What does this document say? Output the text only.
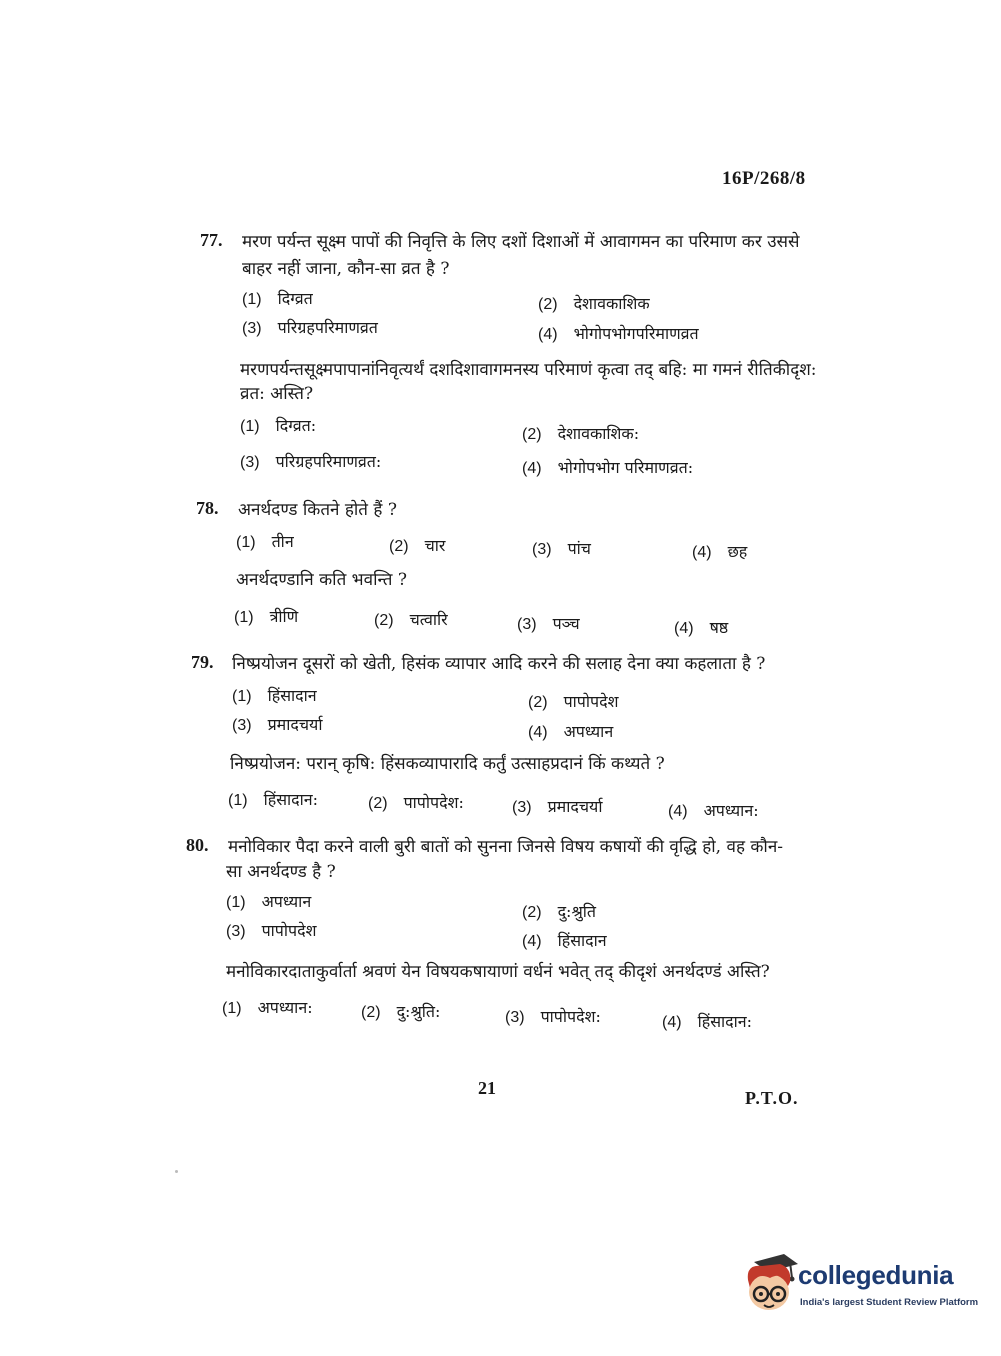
16P/268/8
77. मरण पर्यन्त सूक्ष्म पापों की निवृत्ति के लिए दशों दिशाओं में आवागमन का परिमाण कर उससे
बाहर नहीं जाना, कौन-सा व्रत है ?
(1) दिग्व्रत	(2) देशावकाशिक
(3) परिग्रहपरिमाणव्रत	(4) भोगोपभोगपरिमाणव्रत
मरणपर्यन्तसूक्ष्मपापानांनिवृत्यर्थं दशदिशावागमनस्य परिमाणं कृत्वा तद् बहि: मा गमनं रीतिकीदृश:
व्रत: अस्ति?
(1) दिग्व्रत:	(2) देशावकाशिक:
(3) परिग्रहपरिमाणव्रत:	(4) भोगोपभोग परिमाणव्रत:
78. अनर्थदण्ड कितने होते हैं ?
(1) तीन	(2) चार	(3) पांच	(4) छह
अनर्थदण्डानि कति भवन्ति ?
(1) त्रीणि	(2) चत्वारि	(3) पञ्च	(4) षष्ठ
79. निष्प्रयोजन दूसरों को खेती, हिसंक व्यापार आदि करने की सलाह देना क्या कहलाता है ?
(1) हिंसादान	(2) पापोपदेश
(3) प्रमादचर्या	(4) अपध्यान
निष्प्रयोजन: परान् कृषि: हिंसकव्यापारादि कर्तुं उत्साहप्रदानं किं कथ्यते ?
(1) हिंसादान:	(2) पापोपदेश:	(3) प्रमादचर्या	(4) अपध्यान:
80. मनोविकार पैदा करने वाली बुरी बातों को सुनना जिनसे विषय कषायों की वृद्धि हो, वह कौन-
सा अनर्थदण्ड है ?
(1) अपध्यान
(2) दु:श्रुति
(3) पापोपदेश
(4) हिंसादान
मनोविकारदाताकुर्वार्ता श्रवणं येन विषयकषायाणां वर्धनं भवेत् तद् कीदृशं अनर्थदण्डं अस्ति?
(1) अपध्यान:	(2) दु:श्रुति:	(3) पापोपदेश:	(4) हिंसादान:
21	P.T.O.
collegedunia
India's largest Student Review Platform
